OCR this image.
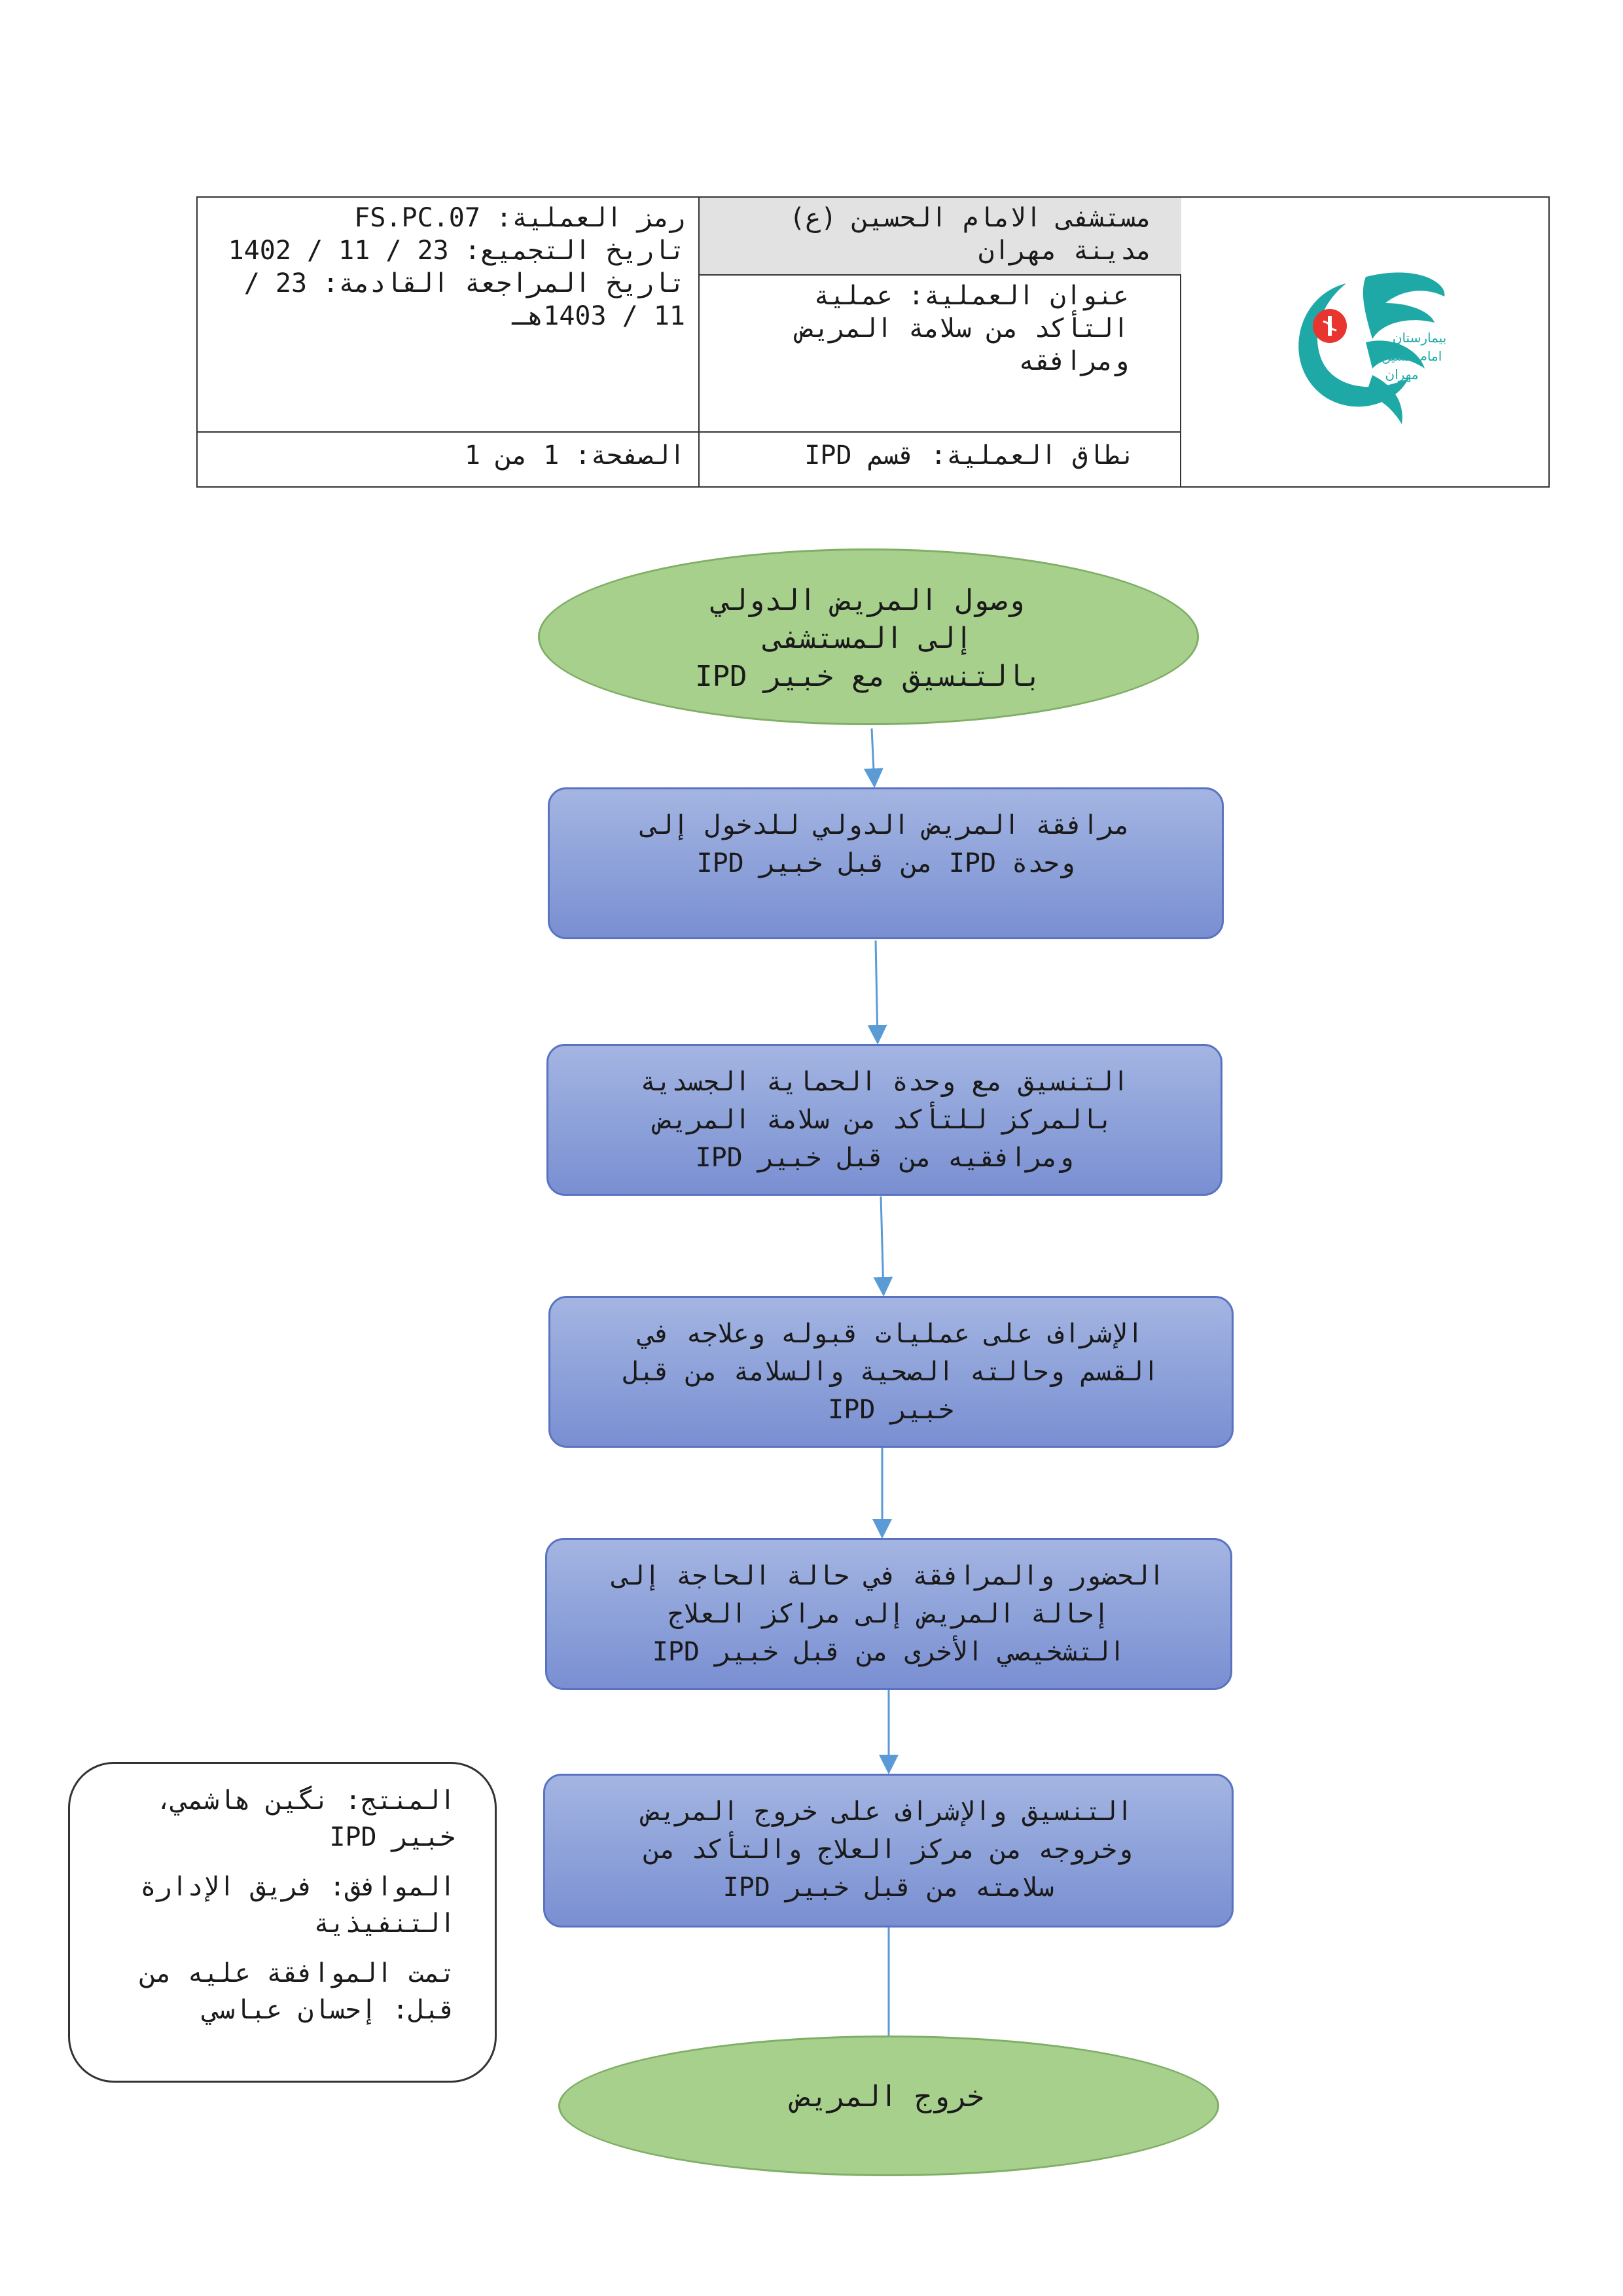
بیمارستان
امام حسین
مهران
مستشفى الامام الحسين (ع) مدينة مهران
عنوان العملية: عملية التأكد من سلامة المريض ومرافقه
نطاق العملية: قسم IPD
رمز العملية: FS.PC.07
تاريخ التجميع: 23 / 11 / 1402
تاريخ المراجعة القادمة: 23 / 11 / 1403هـ
الصفحة: 1 من 1
وصول المريض الدولي إلى المستشفى بالتنسيق مع خبير IPD
مرافقة المريض الدولي للدخول إلى وحدة IPD من قبل خبير IPD
التنسيق مع وحدة الحماية الجسدية بالمركز للتأكد من سلامة المريض ومرافقيه من قبل خبير IPD
الإشراف على عمليات قبوله وعلاجه في القسم وحالته الصحية والسلامة من قبل خبير IPD
الحضور والمرافقة في حالة الحاجة إلى إحالة المريض إلى مراكز العلاج التشخيصي الأخرى من قبل خبير IPD
التنسيق والإشراف على خروج المريض وخروجه من مركز العلاج والتأكد من سلامته من قبل خبير IPD
خروج المريض

المنتج: نگين هاشمي، خبير IPD

الموافق: فريق الإدارة التنفيذية

تمت الموافقة عليه من قبل: إحسان عباسي
